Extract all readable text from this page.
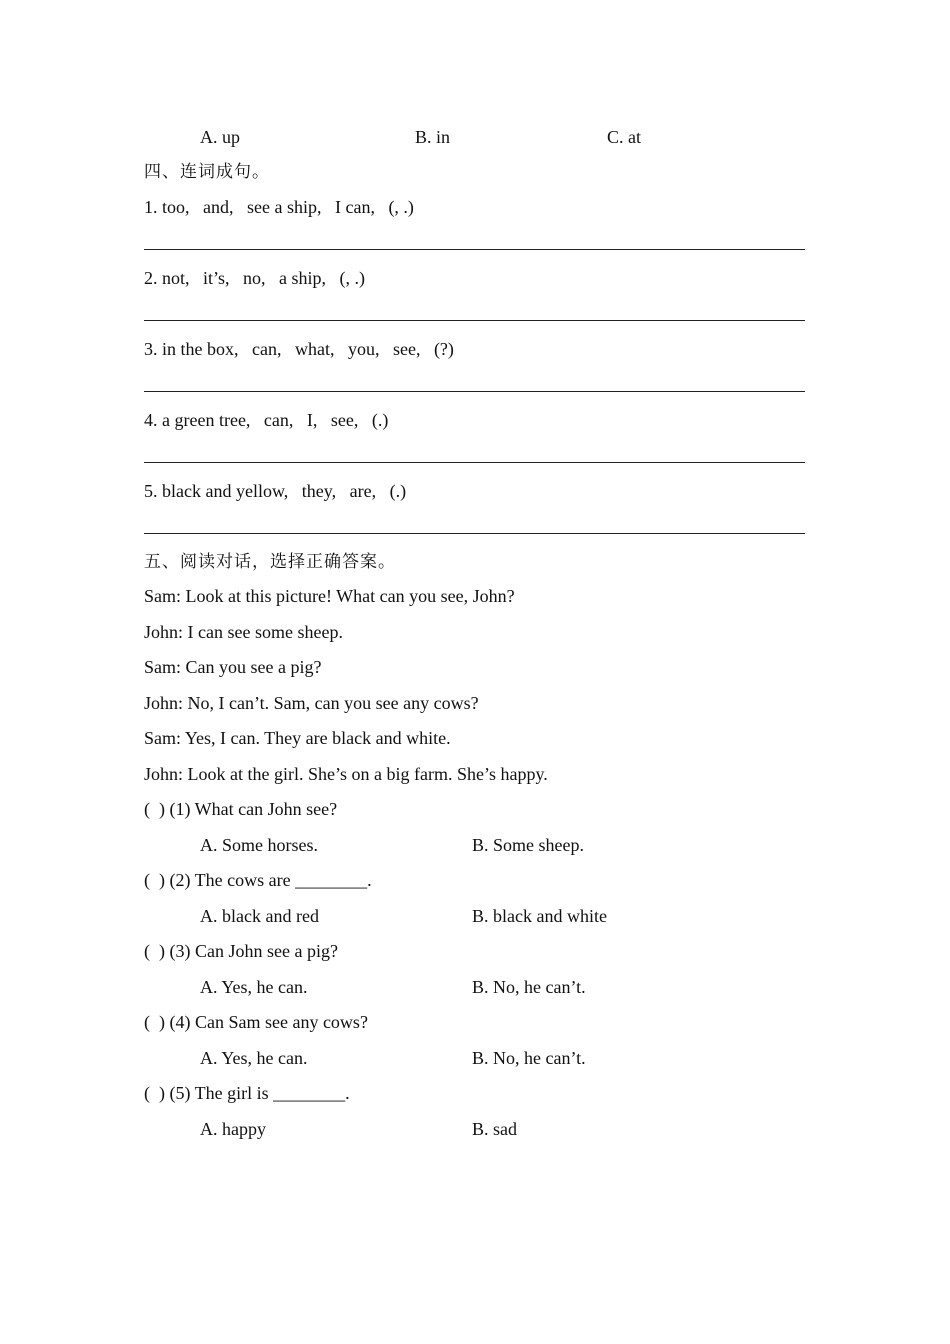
A. up	B. in	C. at
四、连词成句。
1. too,   and,   see a ship,   I can,   (, .)
2. not,   it’s,   no,   a ship,   (, .)
3. in the box,   can,   what,   you,   see,   (?)
4. a green tree,   can,   I,   see,   (.)
5. black and yellow,   they,   are,   (.)
五、阅读对话，选择正确答案。
Sam: Look at this picture! What can you see, John?
John: I can see some sheep.
Sam: Can you see a pig?
John: No, I can’t. Sam, can you see any cows?
Sam: Yes, I can. They are black and white.
John: Look at the girl. She’s on a big farm. She’s happy.
(  ) (1) What can John see?
A. Some horses.	B. Some sheep.
(  ) (2) The cows are ________.
A. black and red	B. black and white
(  ) (3) Can John see a pig?
A. Yes, he can.	B. No, he can’t.
(  ) (4) Can Sam see any cows?
A. Yes, he can.	B. No, he can’t.
(  ) (5) The girl is ________.
A. happy	B. sad
